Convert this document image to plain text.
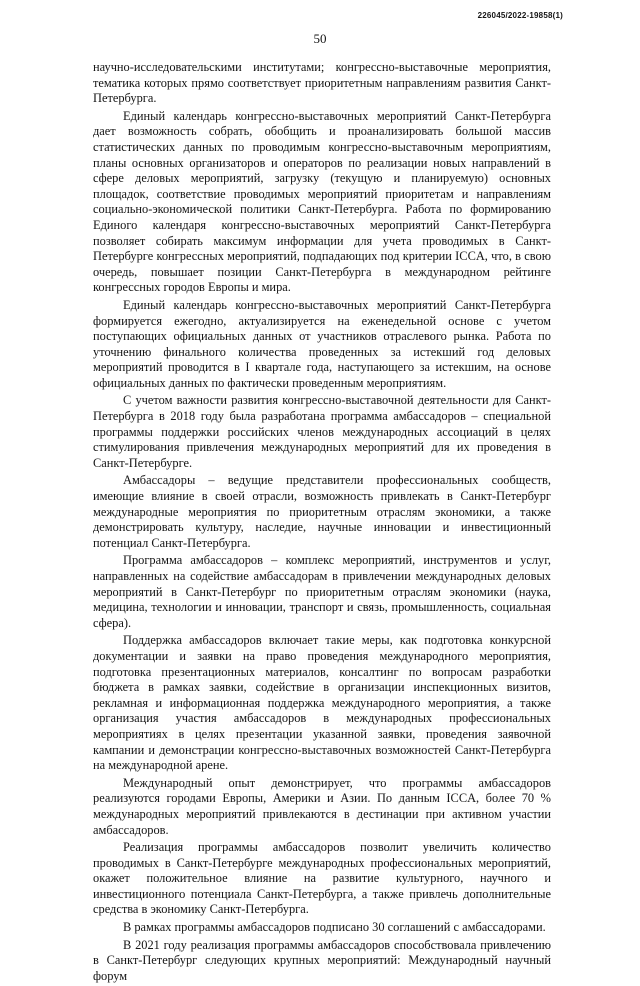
226045/2022-19858(1)
50

научно-исследовательскими институтами; конгрессно-выставочные мероприятия, тематика которых прямо соответствует приоритетным направлениям развития Санкт-Петербурга.

Единый календарь конгрессно-выставочных мероприятий Санкт-Петербурга дает возможность собрать, обобщить и проанализировать большой массив статистических данных по проводимым конгрессно-выставочным мероприятиям, планы основных организаторов и операторов по реализации новых направлений в сфере деловых мероприятий, загрузку (текущую и планируемую) основных площадок, соответствие проводимых мероприятий приоритетам и направлениям социально-экономической политики Санкт-Петербурга. Работа по формированию Единого календаря конгрессно-выставочных мероприятий Санкт-Петербурга позволяет собирать максимум информации для учета проводимых в Санкт-Петербурге конгрессных мероприятий, подпадающих под критерии ICCA, что, в свою очередь, повышает позиции Санкт-Петербурга в международном рейтинге конгрессных городов Европы и мира.

Единый календарь конгрессно-выставочных мероприятий Санкт-Петербурга формируется ежегодно, актуализируется на еженедельной основе с учетом поступающих официальных данных от участников отраслевого рынка. Работа по уточнению финального количества проведенных за истекший год деловых мероприятий проводится в I квартале года, наступающего за истекшим, на основе официальных данных по фактически проведенным мероприятиям.

С учетом важности развития конгрессно-выставочной деятельности для Санкт-Петербурга в 2018 году была разработана программа амбассадоров – специальной программы поддержки российских членов международных ассоциаций в целях стимулирования привлечения международных мероприятий для их проведения в Санкт-Петербурге.

Амбассадоры – ведущие представители профессиональных сообществ, имеющие влияние в своей отрасли, возможность привлекать в Санкт-Петербург международные мероприятия по приоритетным отраслям экономики, а также демонстрировать культуру, наследие, научные инновации и инвестиционный потенциал Санкт-Петербурга.

Программа амбассадоров – комплекс мероприятий, инструментов и услуг, направленных на содействие амбассадорам в привлечении международных деловых мероприятий в Санкт-Петербург по приоритетным отраслям экономики (наука, медицина, технологии и инновации, транспорт и связь, промышленность, социальная сфера).

Поддержка амбассадоров включает такие меры, как подготовка конкурсной документации и заявки на право проведения международного мероприятия, подготовка презентационных материалов, консалтинг по вопросам разработки бюджета в рамках заявки, содействие в организации инспекционных визитов, рекламная и информационная поддержка международного мероприятия, а также организация участия амбассадоров в международных профессиональных мероприятиях в целях презентации указанной заявки, проведения заявочной кампании и демонстрации конгрессно-выставочных возможностей Санкт-Петербурга на международной арене.

Международный опыт демонстрирует, что программы амбассадоров реализуются городами Европы, Америки и Азии. По данным ICCA, более 70 % международных мероприятий привлекаются в дестинации при активном участии амбассадоров.

Реализация программы амбассадоров позволит увеличить количество проводимых в Санкт-Петербурге международных профессиональных мероприятий, окажет положительное влияние на развитие культурного, научного и инвестиционного потенциала Санкт-Петербурга, а также привлечь дополнительные средства в экономику Санкт-Петербурга.

В рамках программы амбассадоров подписано 30 соглашений с амбассадорами.

В 2021 году реализация программы амбассадоров способствовала привлечению в Санкт-Петербург следующих крупных мероприятий: Международный научный форум
